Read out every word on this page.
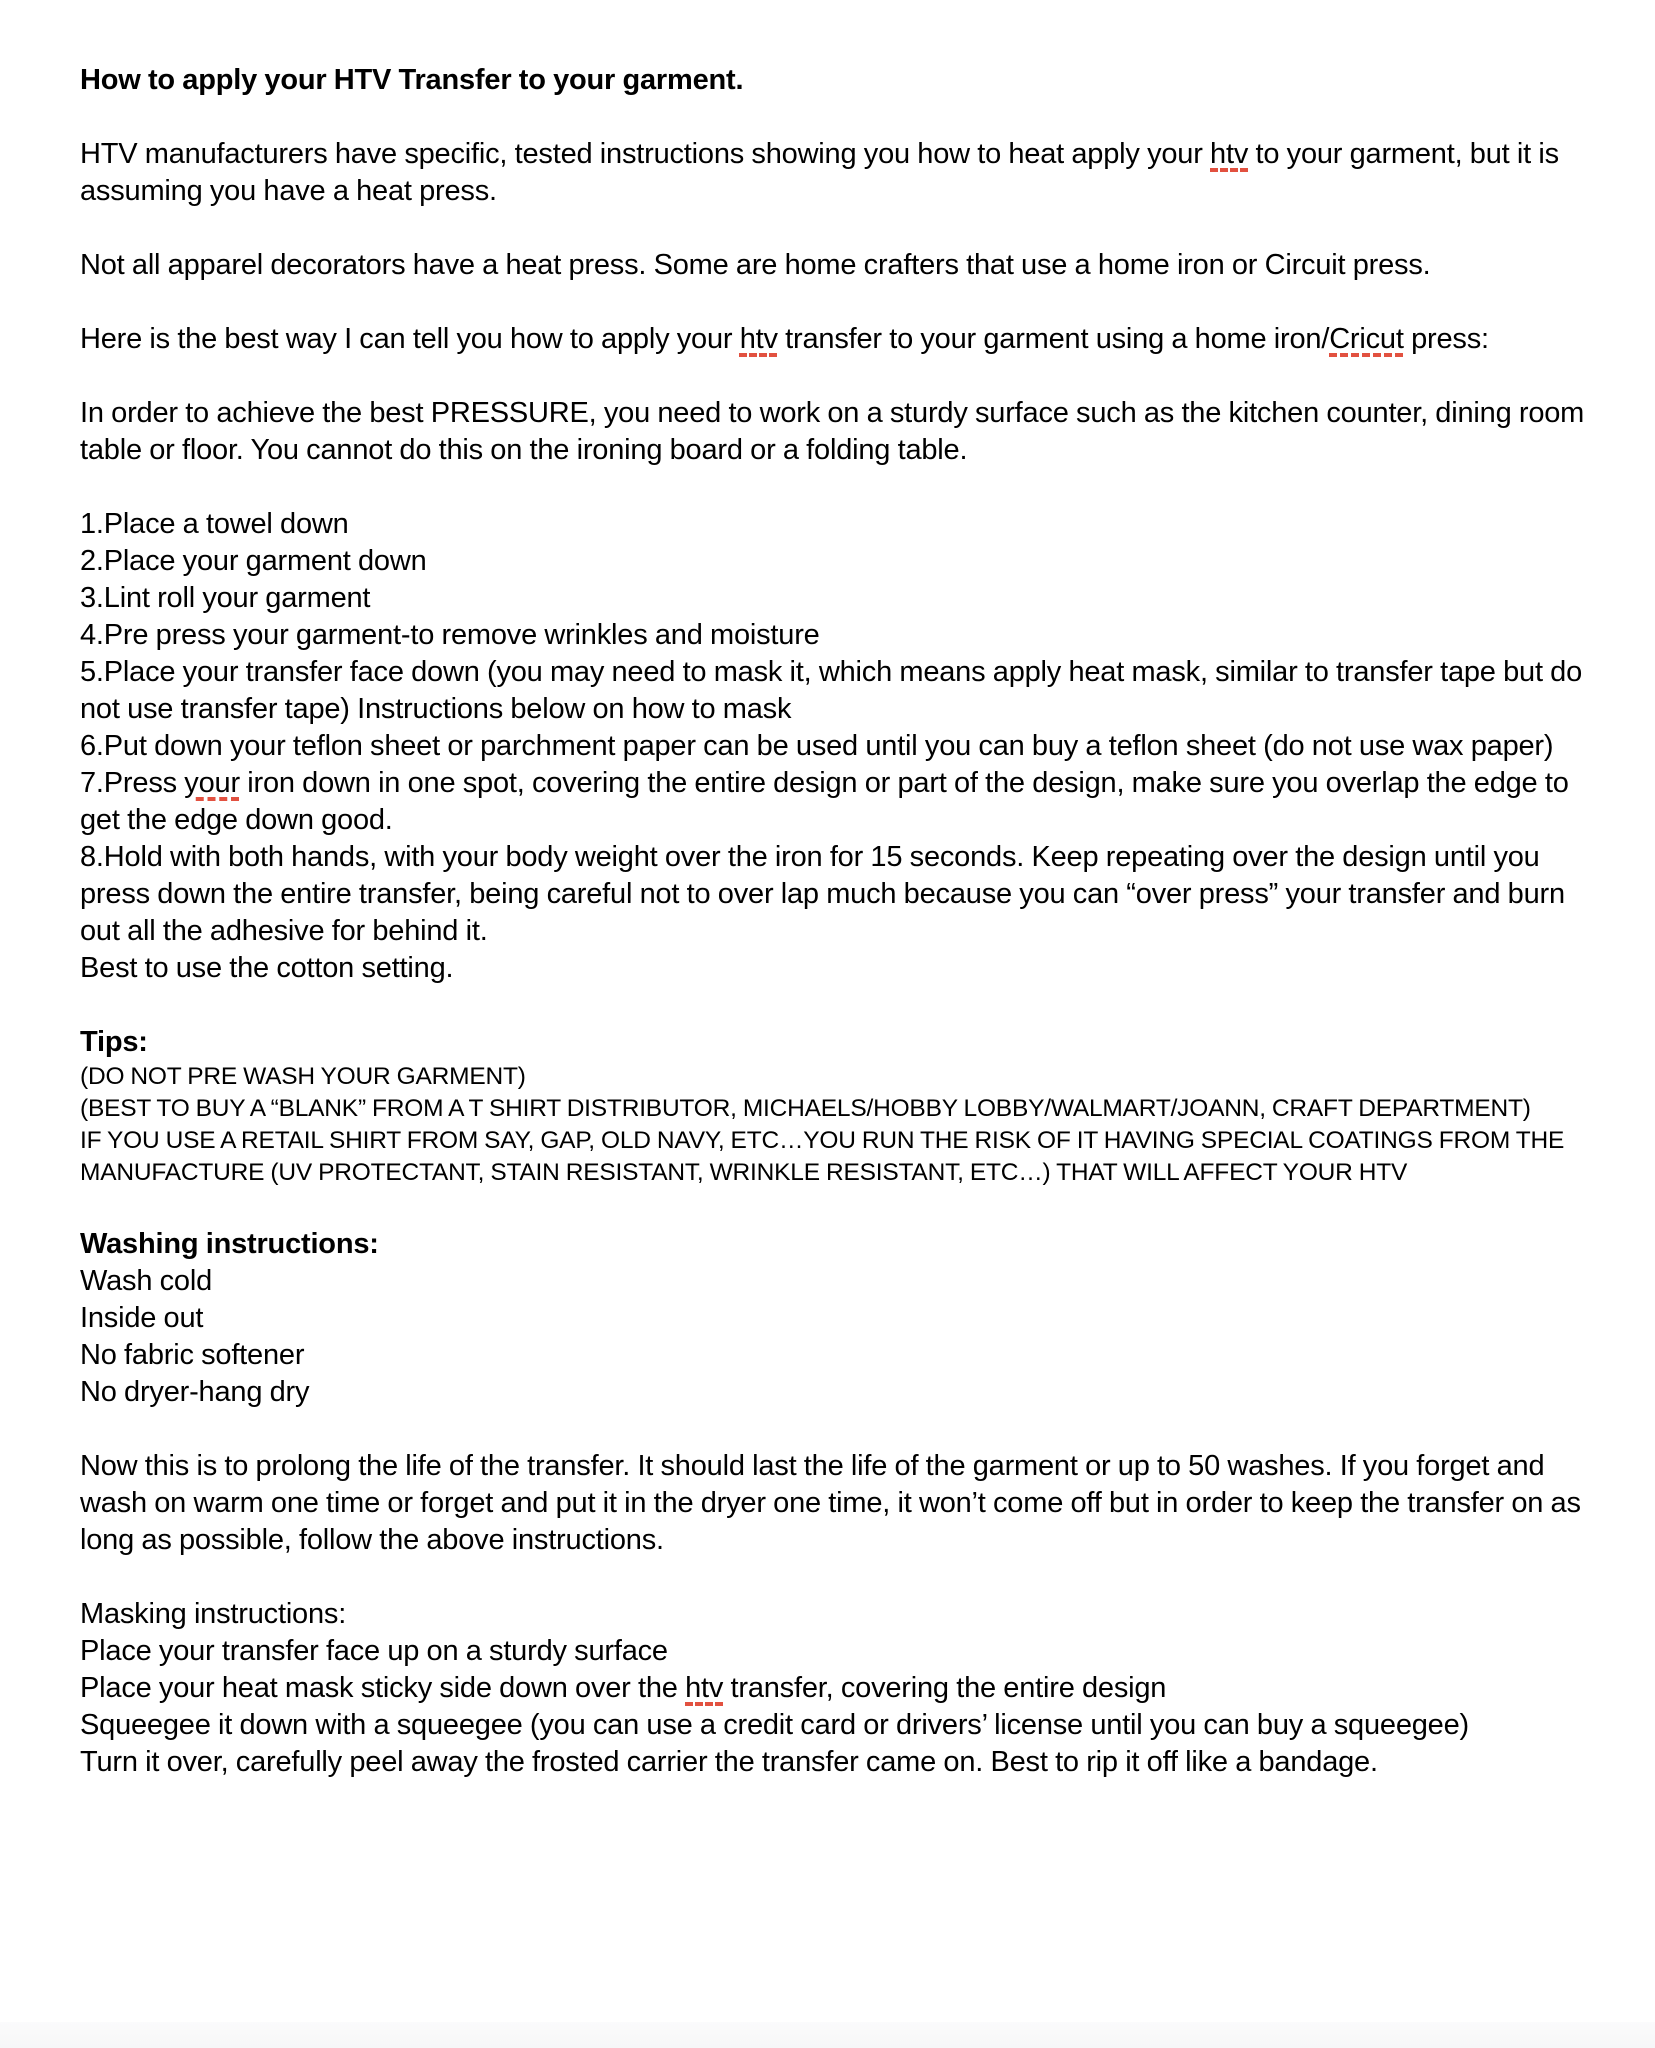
How to apply your HTV Transfer to your garment.
HTV manufacturers have specific, tested instructions showing you how to heat apply your htv to your garment, but it is assuming you have a heat press.
Not all apparel decorators have a heat press. Some are home crafters that use a home iron or Circuit press.
Here is the best way I can tell you how to apply your htv transfer to your garment using a home iron/Cricut press:
In order to achieve the best PRESSURE, you need to work on a sturdy surface such as the kitchen counter, dining room table or floor. You cannot do this on the ironing board or a folding table.
1.Place a towel down
2.Place your garment down
3.Lint roll your garment
4.Pre press your garment-to remove wrinkles and moisture
5.Place your transfer face down (you may need to mask it, which means apply heat mask, similar to transfer tape but do not use transfer tape) Instructions below on how to mask
6.Put down your teflon sheet or parchment paper can be used until you can buy a teflon sheet (do not use wax paper)
7.Press your iron down in one spot, covering the entire design or part of the design, make sure you overlap the edge to get the edge down good.
8.Hold with both hands, with your body weight over the iron for 15 seconds. Keep repeating over the design until you press down the entire transfer, being careful not to over lap much because you can “over press” your transfer and burn out all the adhesive for behind it.
Best to use the cotton setting.
Tips:
(DO NOT PRE WASH YOUR GARMENT)
(BEST TO BUY A “BLANK” FROM A T SHIRT DISTRIBUTOR, MICHAELS/HOBBY LOBBY/WALMART/JOANN, CRAFT DEPARTMENT)
IF YOU USE A RETAIL SHIRT FROM SAY, GAP, OLD NAVY, ETC…YOU RUN THE RISK OF IT HAVING SPECIAL COATINGS FROM THE MANUFACTURE (UV PROTECTANT, STAIN RESISTANT, WRINKLE RESISTANT, ETC…) THAT WILL AFFECT YOUR HTV
Washing instructions:
Wash cold
Inside out
No fabric softener
No dryer-hang dry
Now this is to prolong the life of the transfer. It should last the life of the garment or up to 50 washes. If you forget and wash on warm one time or forget and put it in the dryer one time, it won’t come off but in order to keep the transfer on as long as possible, follow the above instructions.
Masking instructions:
Place your transfer face up on a sturdy surface
Place your heat mask sticky side down over the htv transfer, covering the entire design
Squeegee it down with a squeegee (you can use a credit card or drivers’ license until you can buy a squeegee)
Turn it over, carefully peel away the frosted carrier the transfer came on. Best to rip it off like a bandage.
